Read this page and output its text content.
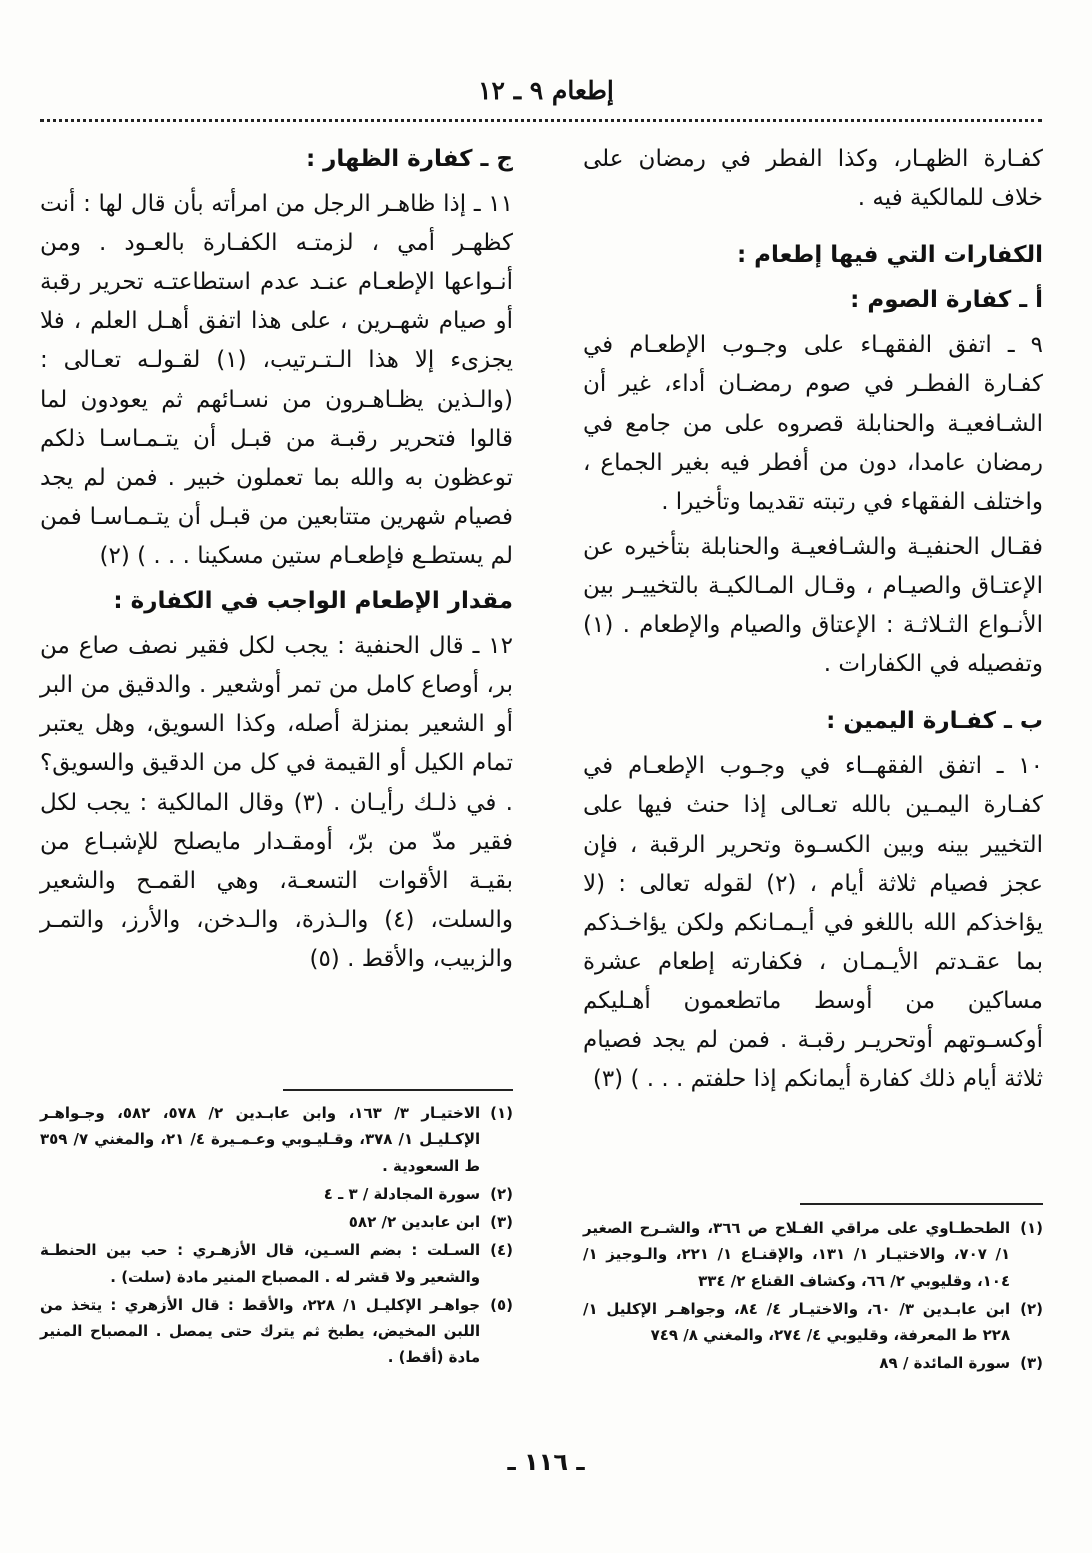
إطعام ٩ ـ ١٢

كفـارة الظهـار، وكذا الفطر في رمضان على خلاف للمالكية فيه .

الكفارات التي فيها إطعام :

أ ـ كفارة الصوم :

٩ ـ اتفق الفقهـاء على وجـوب الإطعـام في كفـارة الفطـر في صوم رمضـان أداء، غير أن الشـافعيـة والحنابلة قصروه على من جامع في رمضان عامدا، دون من أفطر فيه بغير الجماع ، واختلف الفقهاء في رتبته تقديما وتأخيرا .

فقـال الحنفيـة والشـافعيـة والحنابلة بتأخيره عن الإعتـاق والصيـام ، وقـال المـالكيـة بالتخييـر بين الأنـواع الثـلاثـة : الإعتاق والصيام والإطعام . (١) وتفصيله في الكفارات .

ب ـ كفـارة اليمين :

١٠ ـ اتفق الفقهــاء في وجـوب الإطعـام في كفـارة اليمـين بالله تعـالى إذا حنث فيها على التخيير بينه وبين الكسـوة وتحرير الرقبة ، فإن عجز فصيام ثلاثة أيام ، (٢) لقوله تعالى : (لا يؤاخذكم الله باللغو في أيـمـانكم ولكن يؤاخـذكم بما عقـدتم الأيـمـان ، فكفارته إطعام عشرة مساكين من أوسط ماتطعمون أهـليكم أوكسـوتهم أوتحريـر رقبـة . فمن لم يجد فصيام ثلاثة أيام ذلك كفارة أيمانكم إذا حلفتم . . . ) (٣)

ج ـ كفارة الظهار :

١١ ـ إذا ظاهـر الرجل من امرأته بأن قال لها : أنت كظهـر أمي ، لزمتـه الكفـارة بالعـود . ومن أنـواعها الإطعـام عنـد عدم استطاعتـه تحرير رقبة أو صيام شهـرين ، على هذا اتفق أهـل العلم ، فلا يجزىء إلا هذا الـتـرتيب، (١) لقـولـه تعـالى : (والـذين يظـاهـرون من نسـائهم ثم يعودون لما قالوا فتحرير رقبـة من قبـل أن يتـمـاسـا ذلكم توعظون به والله بما تعملون خبير . فمن لم يجد فصيام شهرين متتابعين من قبـل أن يتـمـاسـا فمن لم يستطـع فإطعـام ستين مسكينا . . . ) (٢)

مقدار الإطعام الواجب في الكفارة :

١٢ ـ قال الحنفية : يجب لكل فقير نصف صاع من بر، أوصاع كامل من تمر أوشعير . والدقيق من البر أو الشعير بمنزلة أصله، وكذا السويق، وهل يعتبر تمام الكيل أو القيمة في كل من الدقيق والسويق؟ . في ذلـك رأيـان . (٣) وقال المالكية : يجب لكل فقير مدّ من برّ، أومقـدار مايصلح للإشبـاع من بقيـة الأقوات التسعـة، وهي القمـح والشعير والسلت، (٤) والـذرة، والـدخن، والأرز، والتمـر والزبيب، والأقط . (٥)

(١)
الطحطـاوي على مراقي الفـلاح ص ٣٦٦، والشـرح الصغير ١/ ٧٠٧، والاختيـار ١/ ١٣١، والإقنـاع ١/ ٢٢١، والـوجيز ١/ ١٠٤، وقليوبي ٢/ ٦٦، وكشاف القناع ٢/ ٣٣٤
(٢)
ابن عابـدين ٣/ ٦٠، والاختيـار ٤/ ٨٤، وجواهـر الإكليل ١/ ٢٢٨ ط المعرفة، وقليوبي ٤/ ٢٧٤، والمغني ٨/ ٧٤٩
(٣)
سورة المائدة / ٨٩
(١)
الاختيـار ٣/ ١٦٣، وابن عابـدين ٢/ ٥٧٨، ٥٨٢، وجـواهـر الإكـليـل ١/ ٣٧٨، وقـليـوبي وعـمـيرة ٤/ ٢١، والمغني ٧/ ٣٥٩ ط السعودية .
(٢)
سورة المجادلة / ٣ ـ ٤
(٣)
ابن عابدين ٢/ ٥٨٢
(٤)
السـلت : بضم السـين، قال الأزهـري : حب بين الحنطـة والشعير ولا قشر له . المصباح المنير مادة (سلت) .
(٥)
جواهـر الإكليـل ١/ ٢٢٨، والأقط : قال الأزهري : يتخذ من اللبن المخيض، يطبخ ثم يترك حتى يمصل . المصباح المنير مادة (أقط) .
ـ ١١٦ ـ
